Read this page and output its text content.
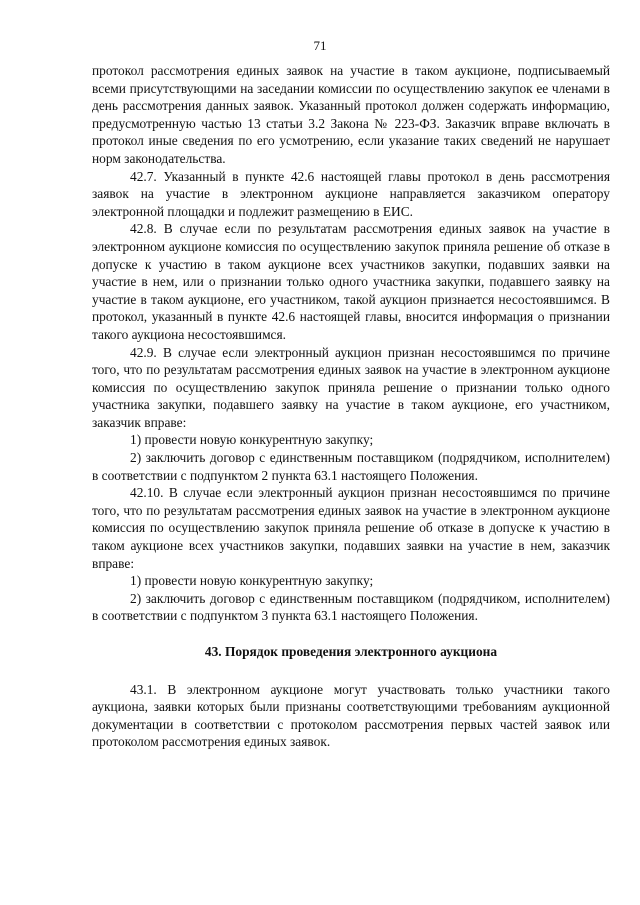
71

протокол рассмотрения единых заявок на участие в таком аукционе, подписываемый всеми присутствующими на заседании комиссии по осуществлению закупок ее членами в день рассмотрения данных заявок. Указанный протокол должен содержать информацию, предусмотренную частью 13 статьи 3.2 Закона № 223-ФЗ. Заказчик вправе включать в протокол иные сведения по его усмотрению, если указание таких сведений не нарушает норм законодательства.

42.7. Указанный в пункте 42.6 настоящей главы протокол в день рассмотрения заявок на участие в электронном аукционе направляется заказчиком оператору электронной площадки и подлежит размещению в ЕИС.

42.8. В случае если по результатам рассмотрения единых заявок на участие в электронном аукционе комиссия по осуществлению закупок приняла решение об отказе в допуске к участию в таком аукционе всех участников закупки, подавших заявки на участие в нем, или о признании только одного участника закупки, подавшего заявку на участие в таком аукционе, его участником, такой аукцион признается несостоявшимся. В протокол, указанный в пункте 42.6 настоящей главы, вносится информация о признании такого аукциона несостоявшимся.

42.9. В случае если электронный аукцион признан несостоявшимся по причине того, что по результатам рассмотрения единых заявок на участие в электронном аукционе комиссия по осуществлению закупок приняла решение о признании только одного участника закупки, подавшего заявку на участие в таком аукционе, его участником, заказчик вправе:

1) провести новую конкурентную закупку;

2) заключить договор с единственным поставщиком (подрядчиком, исполнителем) в соответствии с подпунктом 2 пункта 63.1 настоящего Положения.

42.10. В случае если электронный аукцион признан несостоявшимся по причине того, что по результатам рассмотрения единых заявок на участие в электронном аукционе комиссия по осуществлению закупок приняла решение об отказе в допуске к участию в таком аукционе всех участников закупки, подавших заявки на участие в нем, заказчик вправе:

1) провести новую конкурентную закупку;

2) заключить договор с единственным поставщиком (подрядчиком, исполнителем) в соответствии с подпунктом 3 пункта 63.1 настоящего Положения.

43. Порядок проведения электронного аукциона

43.1. В электронном аукционе могут участвовать только участники такого аукциона, заявки которых были признаны соответствующими требованиям аукционной документации в соответствии с протоколом рассмотрения первых частей заявок или протоколом рассмотрения единых заявок.
